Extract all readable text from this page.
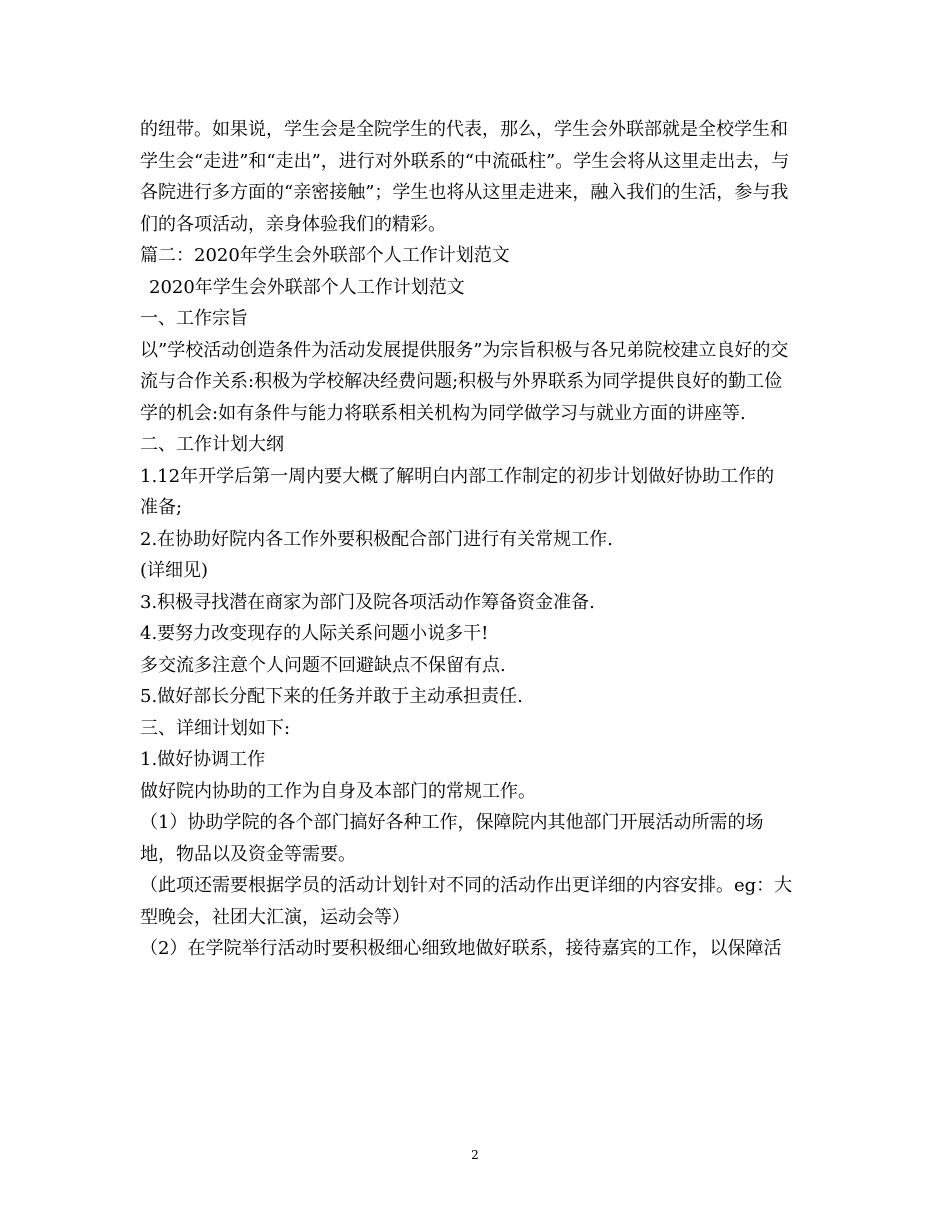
的纽带。如果说，学生会是全院学生的代表，那么，学生会外联部就是全校学生和
学生会“走进”和“走出”，进行对外联系的“中流砥柱”。学生会将从这里走出去，与
各院进行多方面的“亲密接触”；学生也将从这里走进来，融入我们的生活，参与我
们的各项活动，亲身体验我们的精彩。
篇二：2020年学生会外联部个人工作计划范文
2020年学生会外联部个人工作计划范文
一、工作宗旨
以”学校活动创造条件为活动发展提供服务”为宗旨积极与各兄弟院校建立良好的交
流与合作关系:积极为学校解决经费问题;积极与外界联系为同学提供良好的勤工俭
学的机会:如有条件与能力将联系相关机构为同学做学习与就业方面的讲座等.
二、工作计划大纲
1.12年开学后第一周内要大概了解明白内部工作制定的初步计划做好协助工作的
准备;
2.在协助好院内各工作外要积极配合部门进行有关常规工作.
(详细见)
3.积极寻找潜在商家为部门及院各项活动作筹备资金准备.
4.要努力改变现存的人际关系问题小说多干!
多交流多注意个人问题不回避缺点不保留有点.
5.做好部长分配下来的任务并敢于主动承担责任.
三、详细计划如下:
1.做好协调工作
做好院内协助的工作为自身及本部门的常规工作。
（1）协助学院的各个部门搞好各种工作，保障院内其他部门开展活动所需的场
地，物品以及资金等需要。
（此项还需要根据学员的活动计划针对不同的活动作出更详细的内容安排。eg：大
型晚会，社团大汇演，运动会等）
（2）在学院举行活动时要积极细心细致地做好联系，接待嘉宾的工作，以保障活
2
